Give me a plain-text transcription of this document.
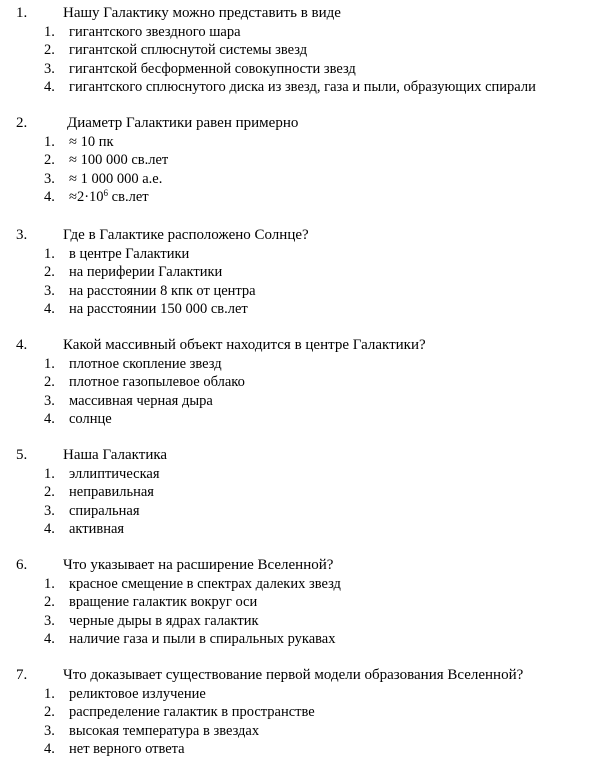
1. Нашу Галактику можно представить в виде
1. гигантского звездного шара
2. гигантской сплюснутой системы звезд
3. гигантской бесформенной совокупности звезд
4. гигантского сплюснутого диска из звезд, газа и пыли, образующих спирали
2.	Диаметр Галактики равен примерно
1. ≈ 10 пк
2. ≈ 100 000 св.лет
3. ≈ 1 000 000 а.е.
4. $\approx 2\cdot 10^6$ св.лет
3. Где в Галактике расположено Солнце?
1. в центре Галактики
2. на периферии Галактики
3. на расстоянии 8 кпк от центра
4. на расстоянии 150 000 св.лет
4. Какой массивный объект находится в центре Галактики?
1. плотное скопление звезд
2. плотное газопылевое облако
3. массивная черная дыра
4. солнце
5. Наша Галактика
1. эллиптическая
2. неправильная
3. спиральная
4. активная
6. Что указывает на расширение Вселенной?
1. красное смещение в спектрах далеких звезд
2. вращение галактик вокруг оси
3. черные дыры в ядрах галактик
4. наличие газа и пыли в спиральных рукавах
7. Что доказывает существование первой модели образования Вселенной?
1. реликтовое излучение
2. распределение галактик в пространстве
3. высокая температура в звездах
4. нет верного ответа
